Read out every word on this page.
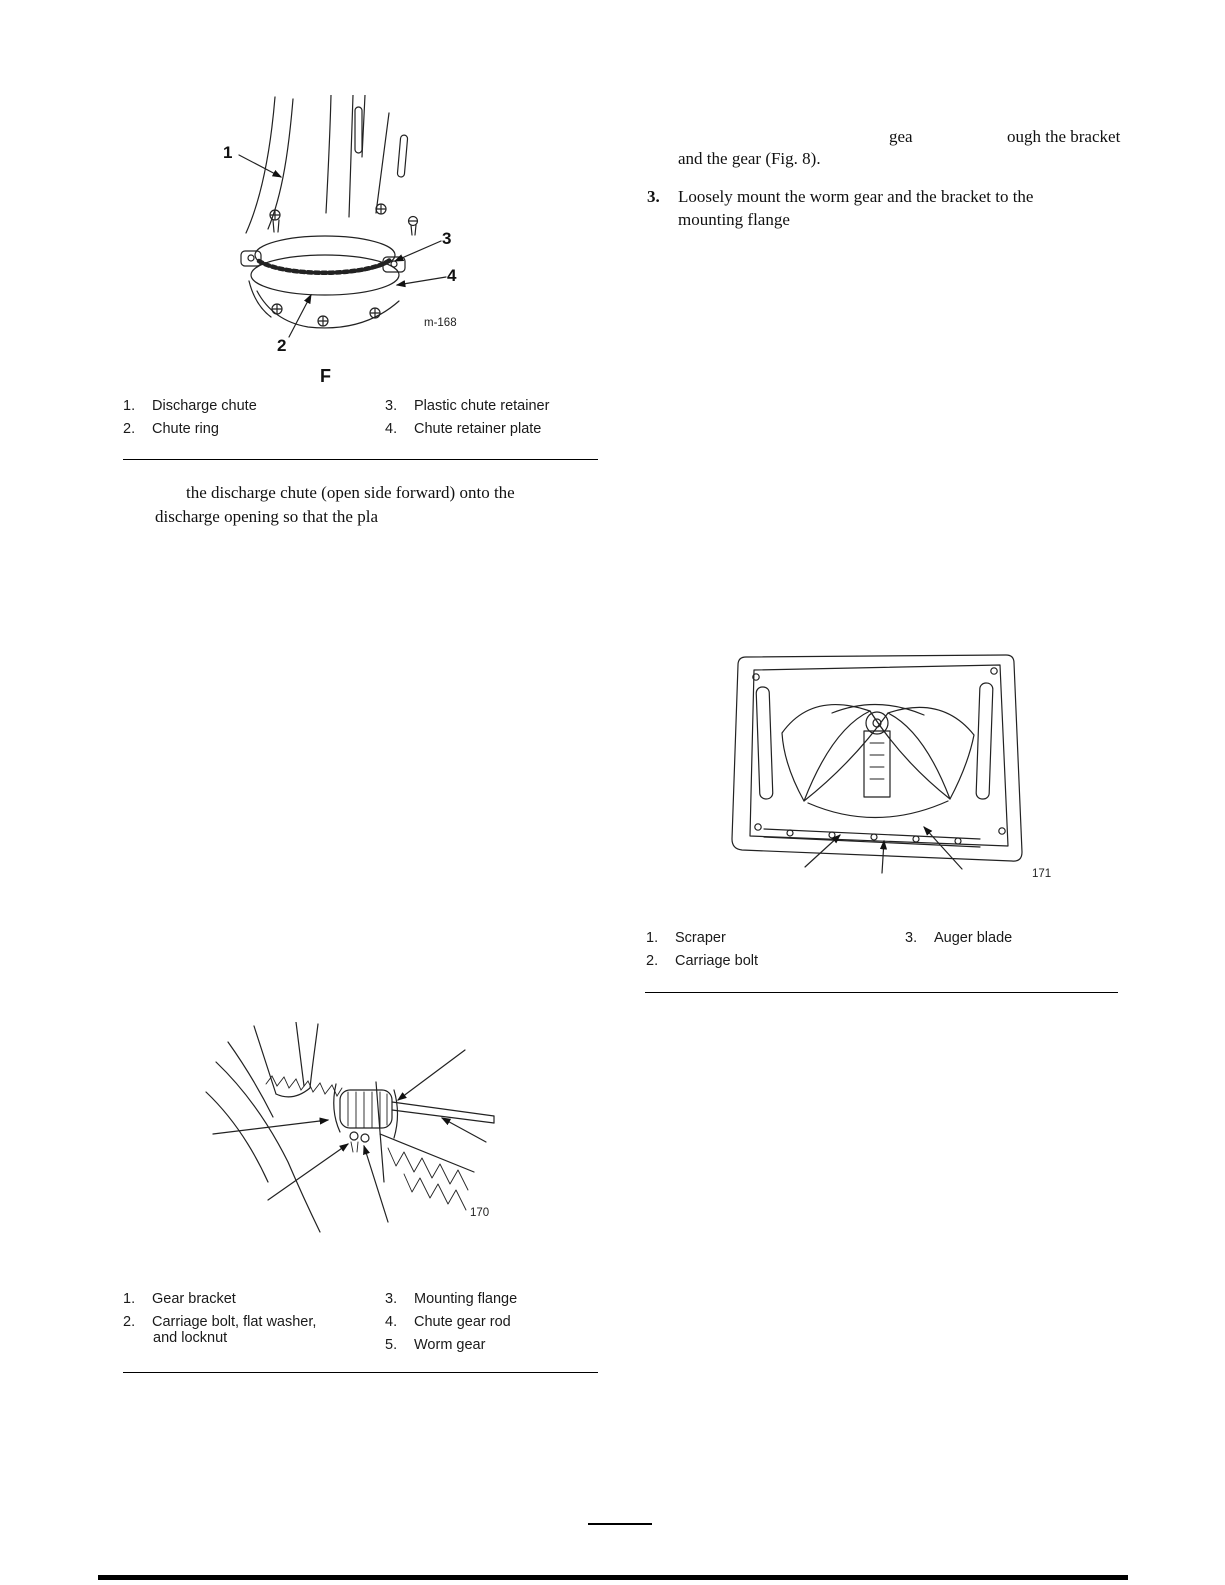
1
3
4
2
m-168
F
1.	Discharge chute
2.	Chute ring
3.	Plastic chute retainer
4.	Chute retainer plate
the discharge chute (open side forward) onto the
discharge opening so that the pla
gea	ough the bracket
and the gear (Fig. 8).
3. Loosely mount the worm gear and the bracket to the
mounting flange
171
1.	Scraper
2.	Carriage bolt
3.	Auger blade
170
1.	Gear bracket
2.	Carriage bolt, flat washer,
and locknut
3.	Mounting flange
4.	Chute gear rod
5.	Worm gear
